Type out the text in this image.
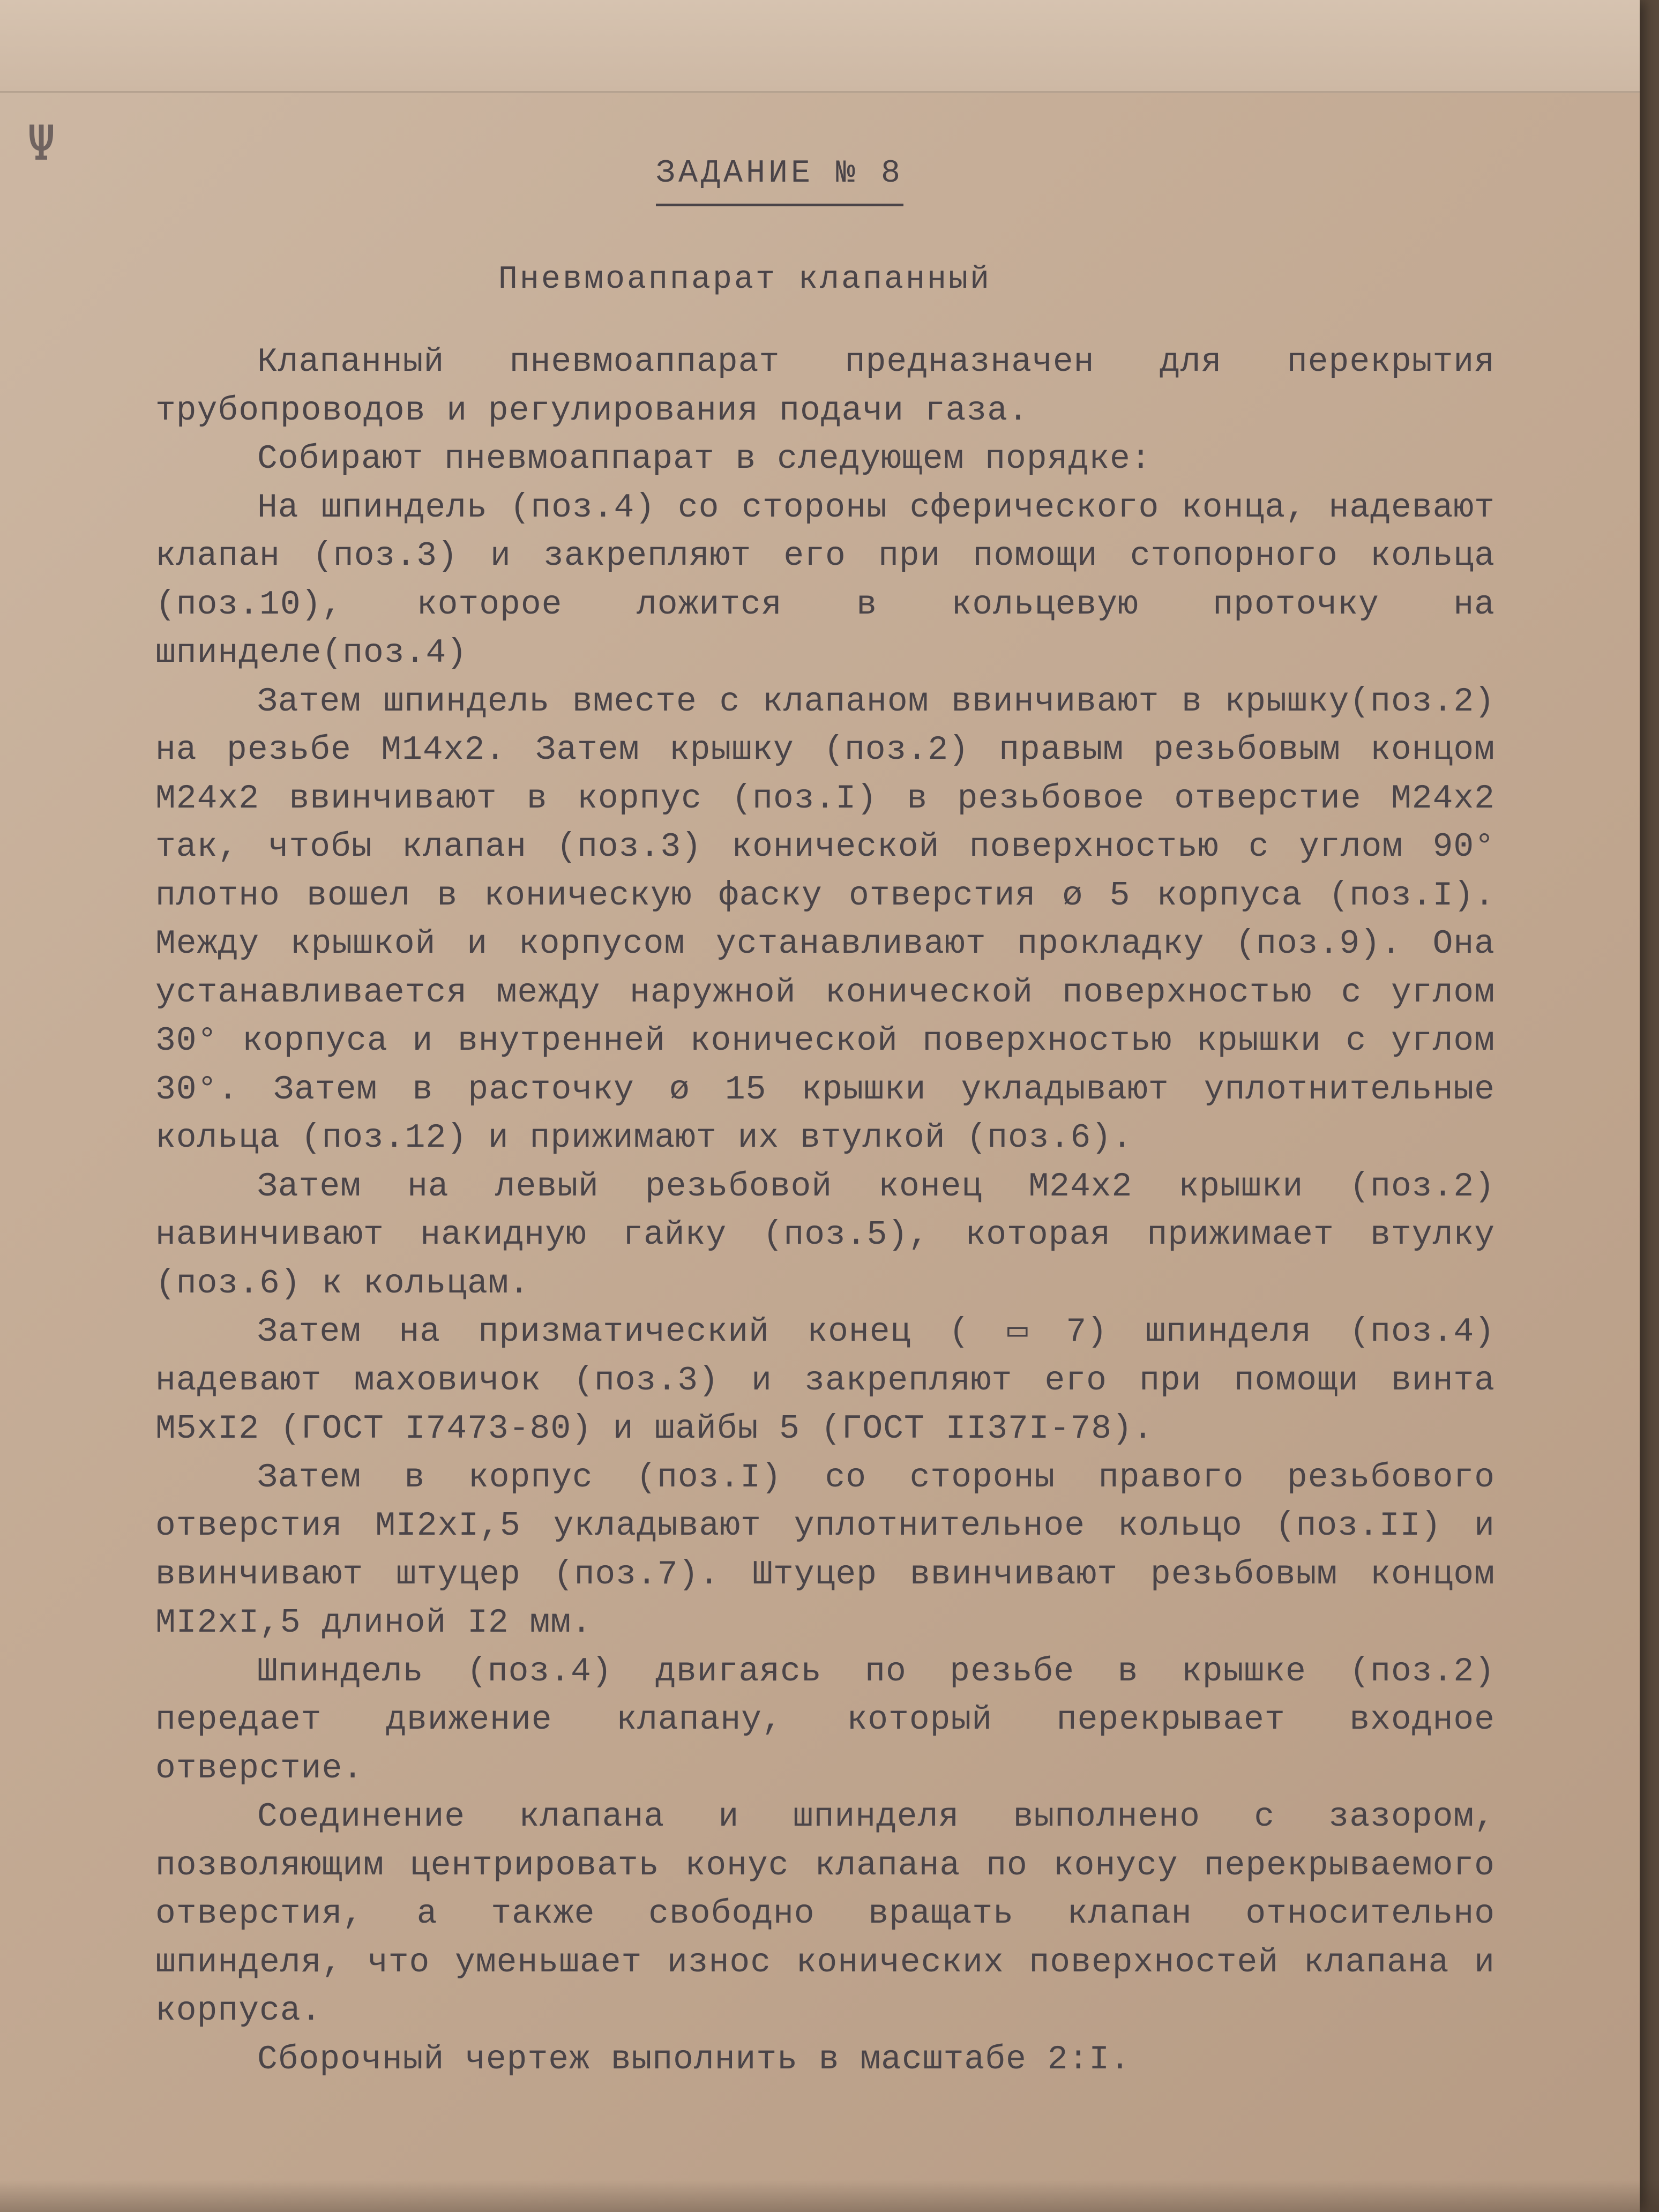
Ψ
ЗАДАНИЕ № 8
Пневмоаппарат клапанный

Клапанный пневмоаппарат предназначен для перекрытия трубопроводов и регулирования подачи газа.

Собирают пневмоаппарат в следующем порядке:

На шпиндель (поз.4) со стороны сферического конца, надевают клапан (поз.3) и закрепляют его при помощи стопорного кольца (поз.10), которое ложится в кольцевую проточку на шпинделе(поз.4)

Затем шпиндель вместе с клапаном ввинчивают в крышку(поз.2) на резьбе М14х2. Затем крышку (поз.2) правым резьбовым концом М24х2 ввинчивают в корпус (поз.I) в резьбовое отверстие М24х2 так, чтобы клапан (поз.3) конической поверхностью с углом 90° плотно вошел в коническую фаску отверстия ø 5 корпуса (поз.I). Между крышкой и корпусом устанавливают прокладку (поз.9). Она устанавливается между наружной конической поверхностью с углом 30° корпуса и внутренней конической поверхностью крышки с углом 30°. Затем в расточку ø 15 крышки укладывают уплотнительные кольца (поз.12) и прижимают их втулкой (поз.6).

Затем на левый резьбовой конец М24х2 крышки (поз.2) навинчивают накидную гайку (поз.5), которая прижимает втулку (поз.6) к кольцам.

Затем на призматический конец ( ▭ 7) шпинделя (поз.4) надевают маховичок (поз.3) и закрепляют его при помощи винта М5хI2 (ГОСТ I7473-80) и шайбы 5 (ГОСТ II37I-78).

Затем в корпус (поз.I) со стороны правого резьбового отверстия МI2хI,5 укладывают уплотнительное кольцо (поз.II) и ввинчивают штуцер (поз.7). Штуцер ввинчивают резьбовым концом МI2хI,5 длиной I2 мм.

Шпиндель (поз.4) двигаясь по резьбе в крышке (поз.2) передает движение клапану, который перекрывает входное отверстие.

Соединение клапана и шпинделя выполнено с зазором, позволяющим центрировать конус клапана по конусу перекрываемого отверстия, а также свободно вращать клапан относительно шпинделя, что уменьшает износ конических поверхностей клапана и корпуса.

Сборочный чертеж выполнить в масштабе 2:I.
